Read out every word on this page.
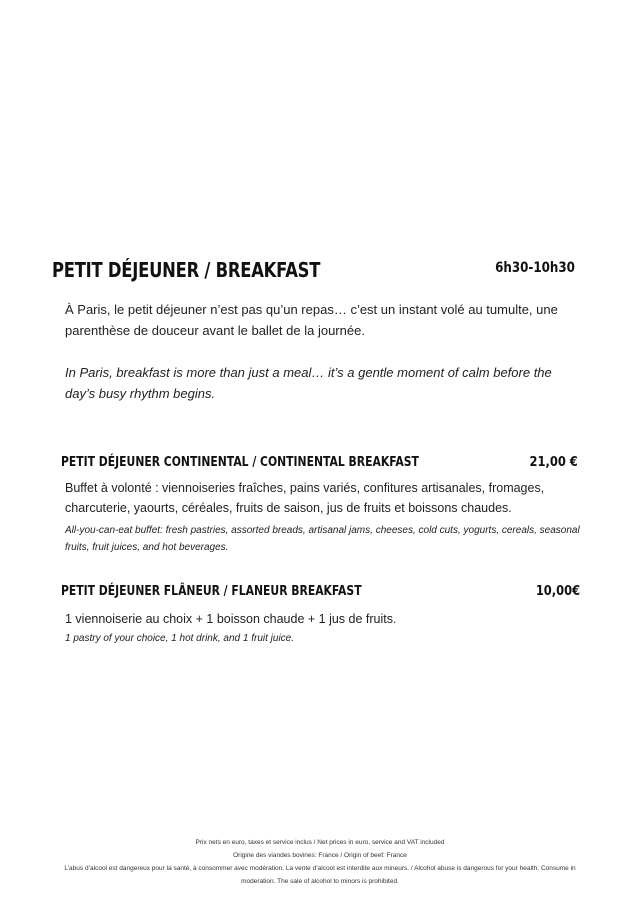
PETIT DÉJEUNER / BREAKFAST	6h30-10h30

À Paris, le petit déjeuner n’est pas qu’un repas… c’est un instant volé au tumulte, une parenthèse de douceur avant le ballet de la journée.

In Paris, breakfast is more than just a meal… it’s a gentle moment of calm before the day’s busy rhythm begins.

PETIT DÉJEUNER CONTINENTAL / CONTINENTAL BREAKFAST	21,00 €

Buffet à volonté : viennoiseries fraîches, pains variés, confitures artisanales, fromages, charcuterie, yaourts, céréales, fruits de saison, jus de fruits et boissons chaudes.

All-you-can-eat buffet: fresh pastries, assorted breads, artisanal jams, cheeses, cold cuts, yogurts, cereals, seasonal fruits, fruit juices, and hot beverages.

PETIT DÉJEUNER FLÂNEUR / FLANEUR BREAKFAST	10,00€

1 viennoiserie au choix + 1 boisson chaude + 1 jus de fruits.

1 pastry of your choice, 1 hot drink, and 1 fruit juice.

Prix nets en euro, taxes et service inclus / Net prices in euro, service and VAT included
Origine des viandes bovines: France / Origin of beef: France
L’abus d’alcool est dangereux pour la santé, à consommer avec modération. La vente d’alcool est interdite aux mineurs. / Alcohol abuse is dangerous for your health. Consume in moderation. The sale of alcohol to minors is prohibited.
